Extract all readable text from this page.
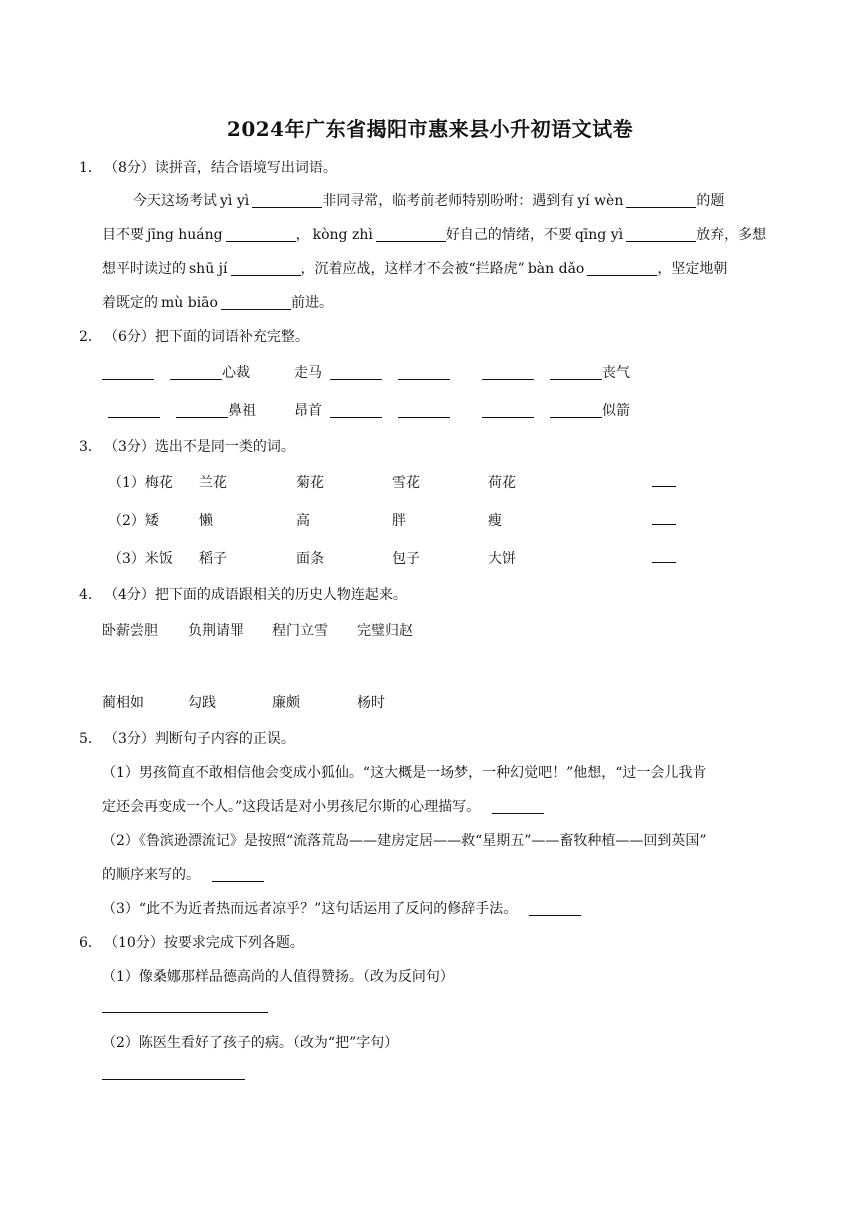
2024年广东省揭阳市惠来县小升初语文试卷
1． （8分）读拼音，结合语境写出词语。
今天这场考试 yì yì	非同寻常，临考前老师特别吩咐：遇到有 yí wèn	的题
目不要 jīng huáng	， kòng zhì	好自己的情绪，不要 qīng yì	放弃，多想
想平时读过的 shū jí	，沉着应战，这样才不会被“拦路虎” bàn dǎo	，坚定地朝
着既定的 mù biāo	前进。
2． （6分）把下面的词语补充完整。
心裁	走马	丧气
鼻祖	昂首	似箭
3． （3分）选出不是同一类的词。
（1）梅花 兰花	菊花	雪花	荷花
（2）矮	懒	高	胖	瘦
（3）米饭 稻子	面条	包子	大饼
4． （4分）把下面的成语跟相关的历史人物连起来。
卧薪尝胆 负荆请罪 程门立雪 完璧归赵
蔺相如	勾践	廉颇	杨时
5． （3分）判断句子内容的正误。
（1）男孩简直不敢相信他会变成小狐仙。“这大概是一场梦，一种幻觉吧！”他想，“过一会儿我肯
定还会再变成一个人。”这段话是对小男孩尼尔斯的心理描写。
（2）《鲁滨逊漂流记》是按照“流落荒岛——建房定居——救“星期五”——畜牧种植——回到英国”
的顺序来写的。
（3）“此不为近者热而远者凉乎？”这句话运用了反问的修辞手法。
6． （10分）按要求完成下列各题。
（1）像桑娜那样品德高尚的人值得赞扬。（改为反问句）
（2）陈医生看好了孩子的病。（改为“把”字句）
